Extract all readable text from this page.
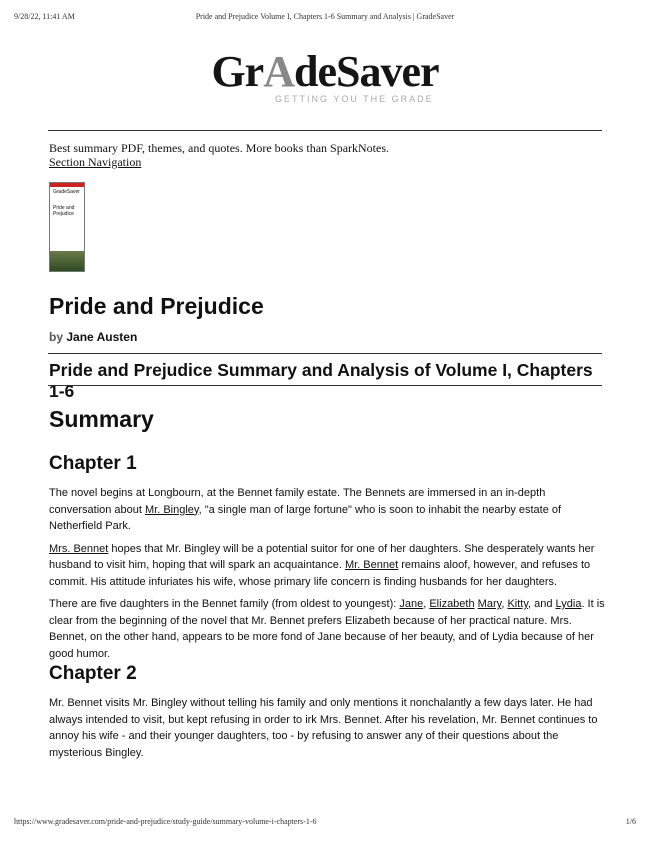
9/28/22, 11:41 AM	Pride and Prejudice Volume I, Chapters 1-6 Summary and Analysis | GradeSaver
GrAdeSaver
GETTING YOU THE GRADE
Best summary PDF, themes, and quotes. More books than SparkNotes.
Section Navigation
GradeSaver
Pride and Prejudice
Pride and Prejudice
by Jane Austen
Pride and Prejudice Summary and Analysis of Volume I, Chapters 1-6
Summary
Chapter 1

The novel begins at Longbourn, at the Bennet family estate. The Bennets are immersed in an in-depth conversation about Mr. Bingley, "a single man of large fortune" who is soon to inhabit the nearby estate of Netherfield Park.

Mrs. Bennet hopes that Mr. Bingley will be a potential suitor for one of her daughters. She desperately wants her husband to visit him, hoping that will spark an acquaintance. Mr. Bennet remains aloof, however, and refuses to commit. His attitude infuriates his wife, whose primary life concern is finding husbands for her daughters.

There are five daughters in the Bennet family (from oldest to youngest): Jane, Elizabeth Mary, Kitty, and Lydia. It is clear from the beginning of the novel that Mr. Bennet prefers Elizabeth because of her practical nature. Mrs. Bennet, on the other hand, appears to be more fond of Jane because of her beauty, and of Lydia because of her good humor.

Chapter 2

Mr. Bennet visits Mr. Bingley without telling his family and only mentions it nonchalantly a few days later. He had always intended to visit, but kept refusing in order to irk Mrs. Bennet. After his revelation, Mr. Bennet continues to annoy his wife - and their younger daughters, too - by refusing to answer any of their questions about the mysterious Bingley.

https://www.gradesaver.com/pride-and-prejudice/study-guide/summary-volume-i-chapters-1-6	1/6
